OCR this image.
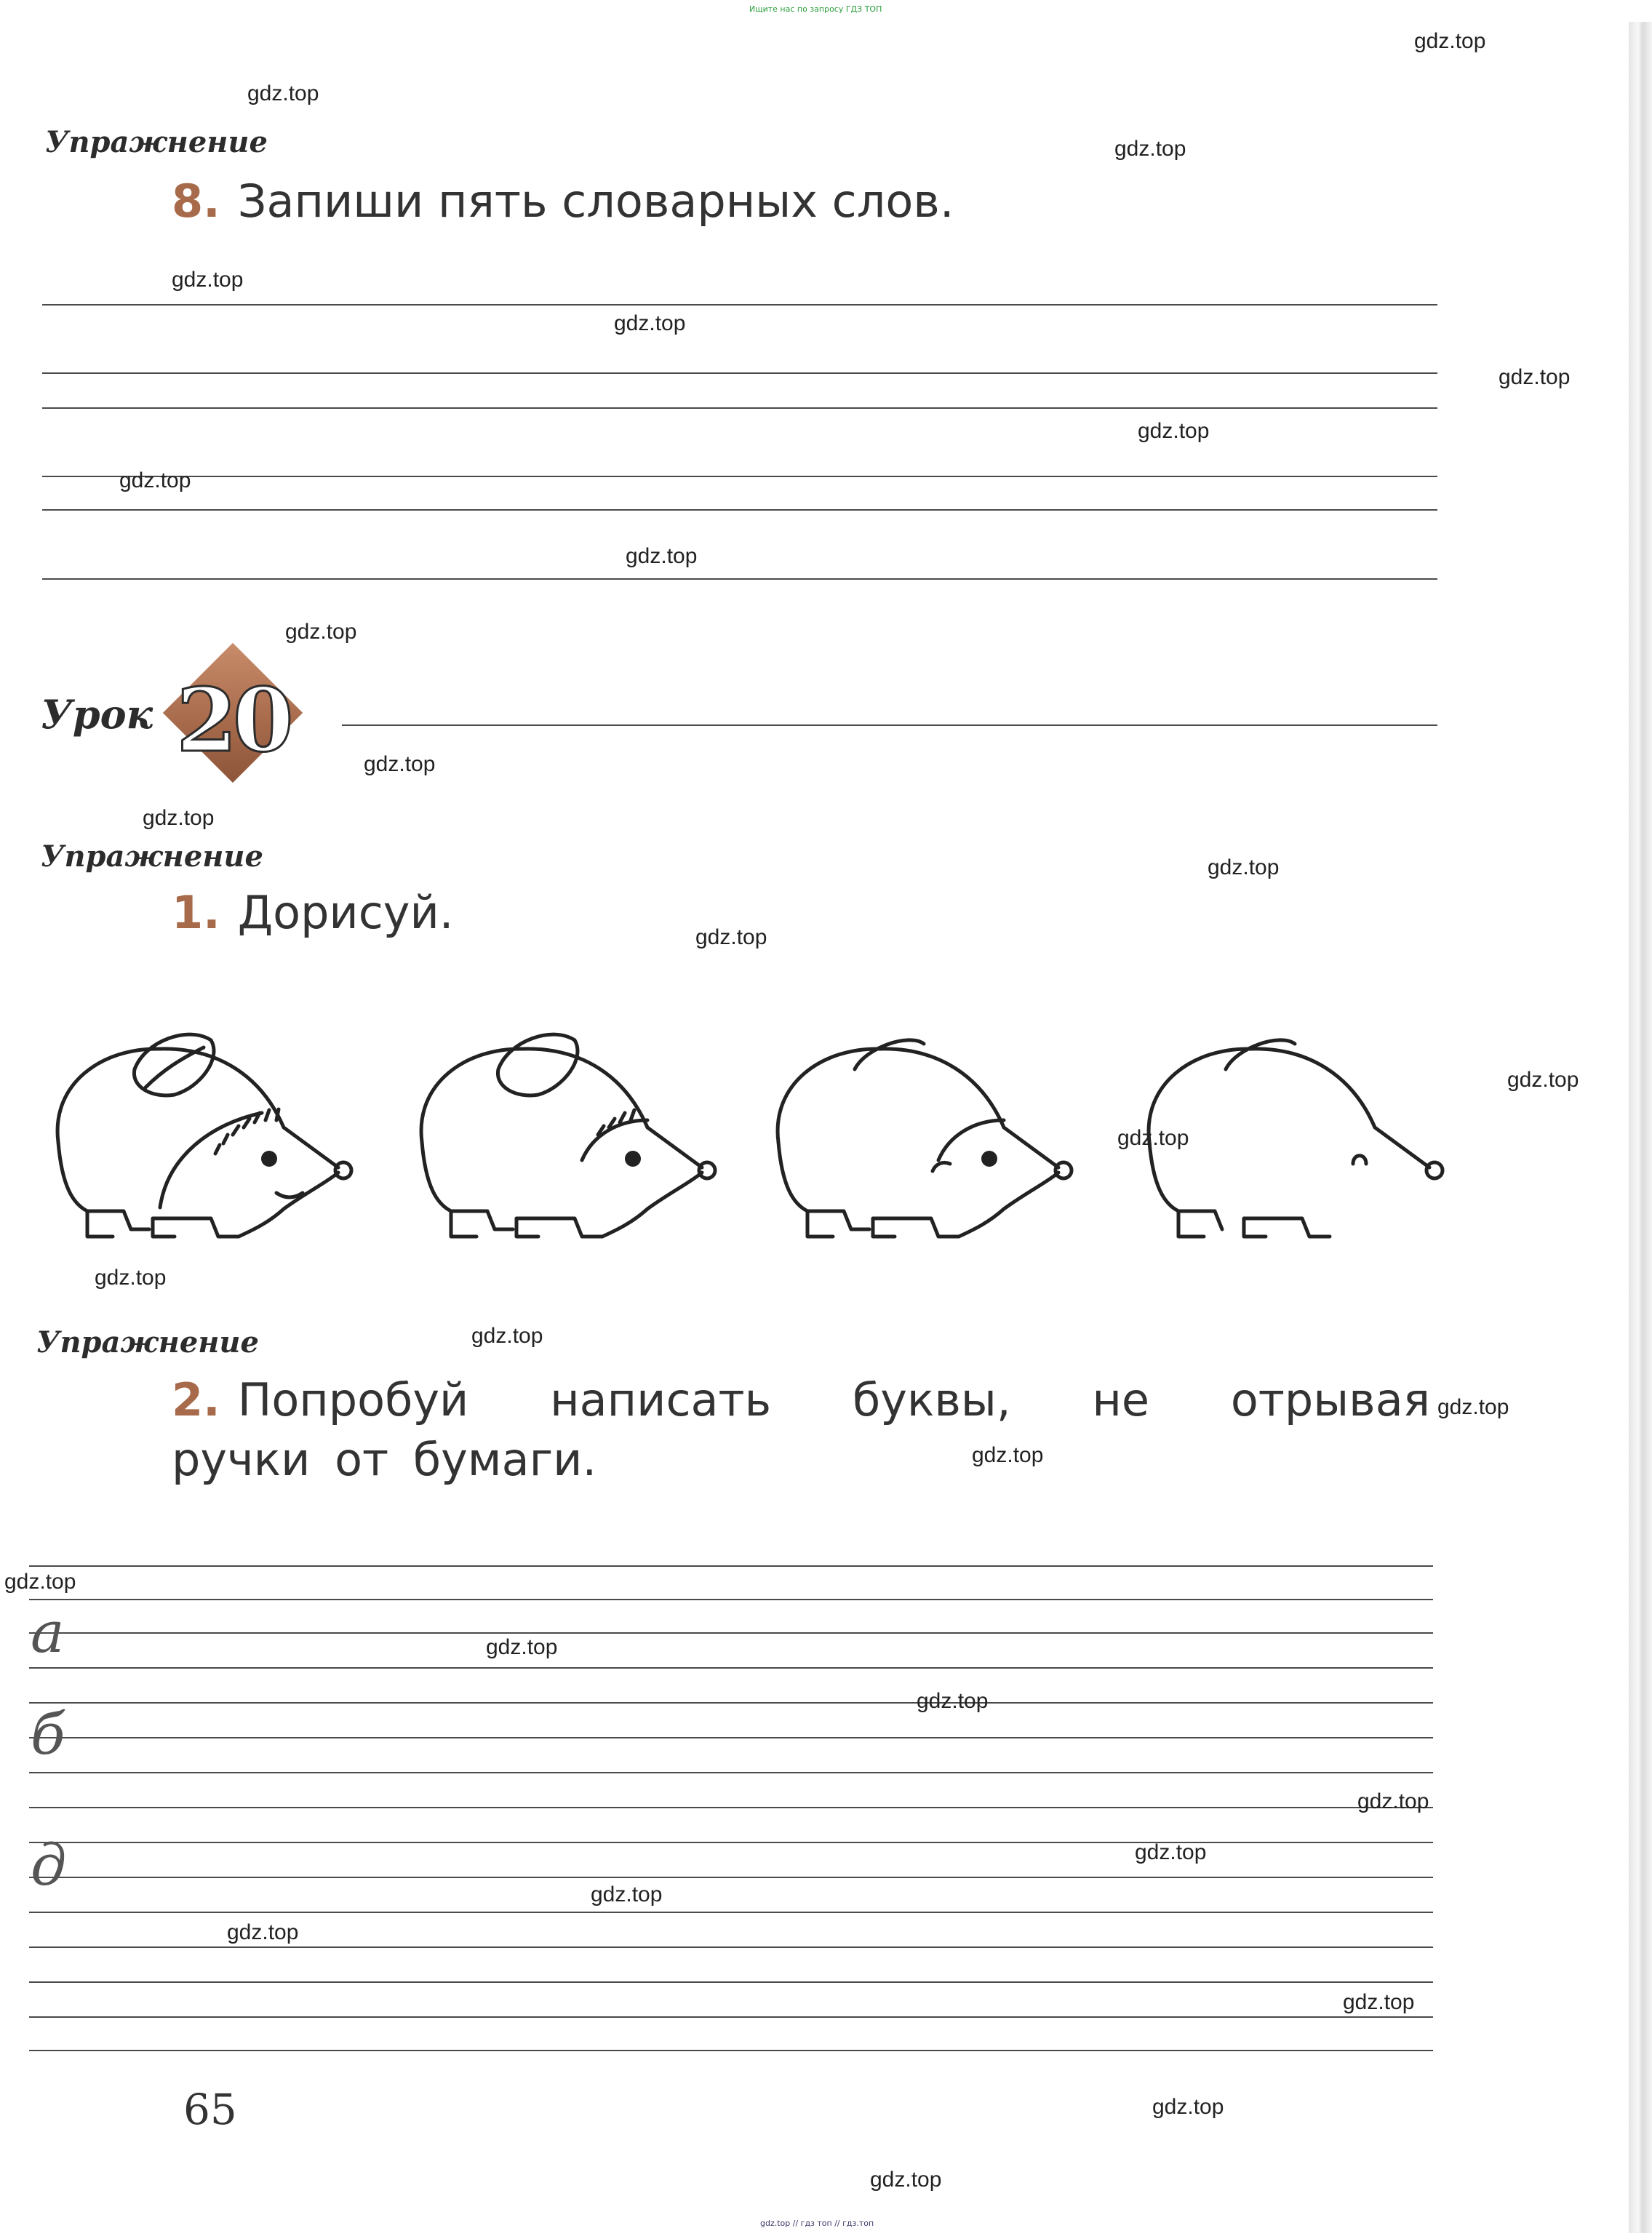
Ищите нас по запросу ГДЗ ТОП
Упражнение
8. Запиши пять словарных слов.
Урок 20
Упражнение
1. Дорисуй.
Упражнение
2. Попробуй написать буквы, не отрывая
ручки от бумаги.
а
б
д
65
gdz.top
gdz.top
gdz.top
gdz.top
gdz.top
gdz.top
gdz.top
gdz.top
gdz.top
gdz.top
gdz.top
gdz.top
gdz.top
gdz.top
gdz.top
gdz.top
gdz.top
gdz.top
gdz.top
gdz.top
gdz.top
gdz.top
gdz.top
gdz.top
gdz.top
gdz.top
gdz.top
gdz.top
gdz.top
gdz.top
gdz.top // гдз топ // гдз.топ
